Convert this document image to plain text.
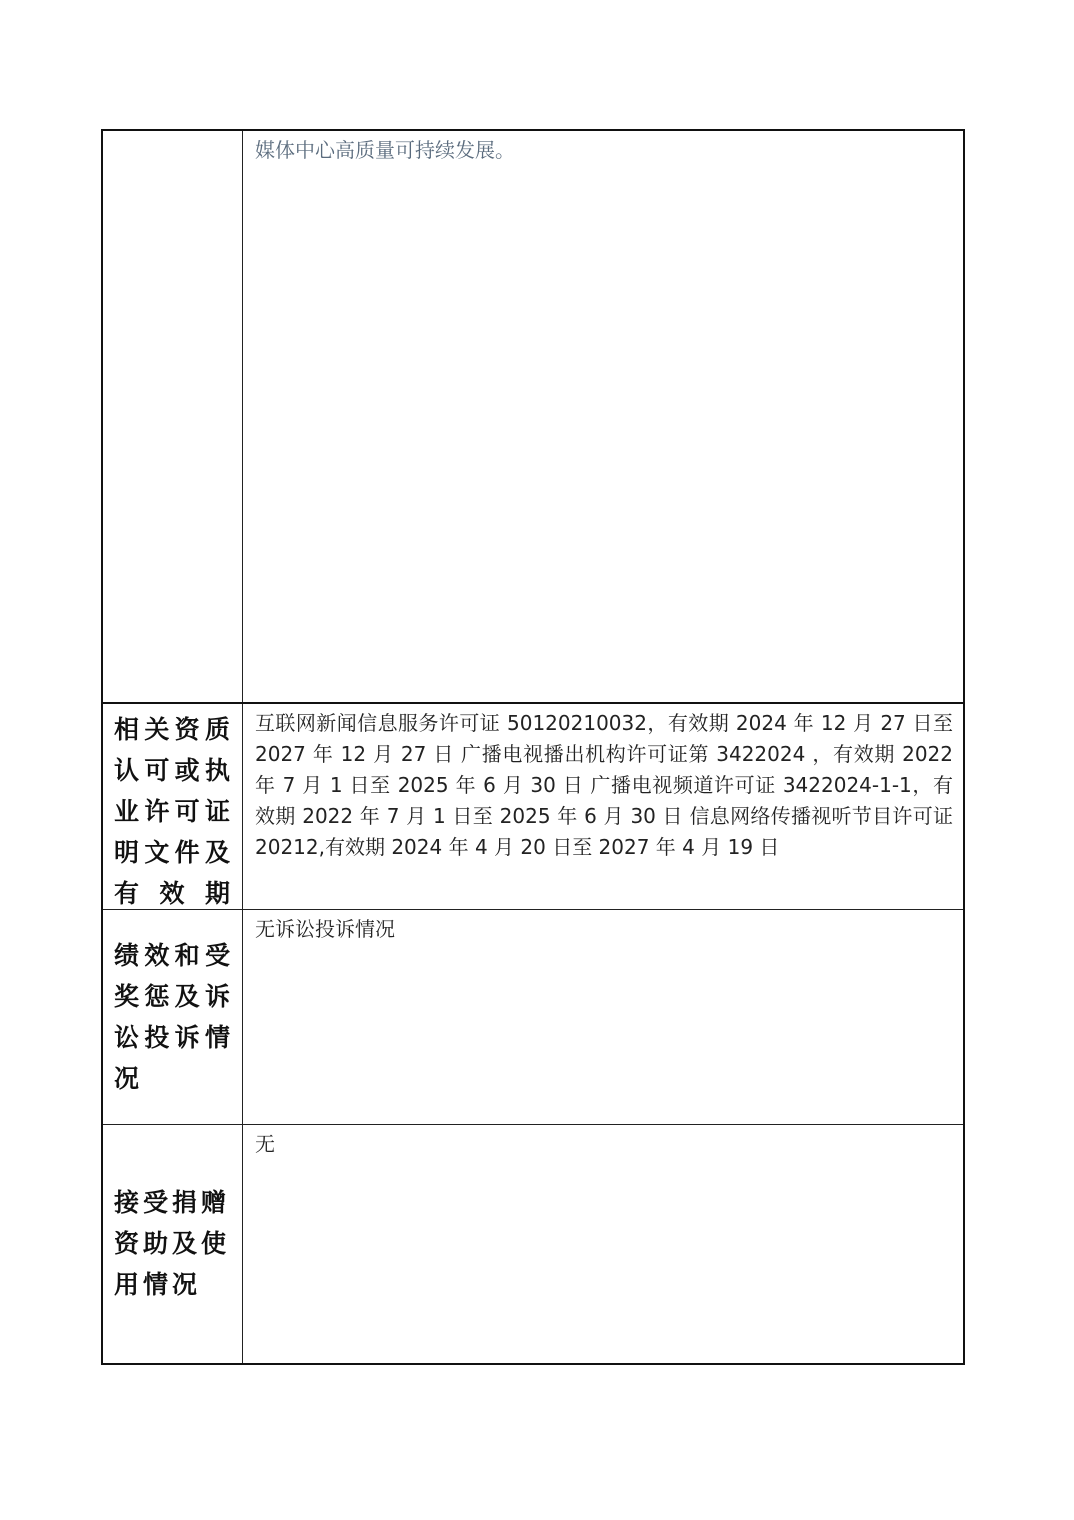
媒体中心高质量可持续发展。
相关资质认可或执业许可证明文件及有效期
互联网新闻信息服务许可证 50120210032，有效期 2024 年 12 月 27 日至 2027 年 12 月 27 日 广播电视播出机构许可证第 3422024 ，有效期 2022 年 7 月 1 日至 2025 年 6 月 30 日 广播电视频道许可证 3422024-1-1，有效期 2022 年 7 月 1 日至 2025 年 6 月 30 日 信息网络传播视听节目许可证 20212,有效期 2024 年 4 月 20 日至 2027 年 4 月 19 日
绩效和受奖惩及诉讼投诉情况
无诉讼投诉情况
接受捐赠资助及使用情况
无
